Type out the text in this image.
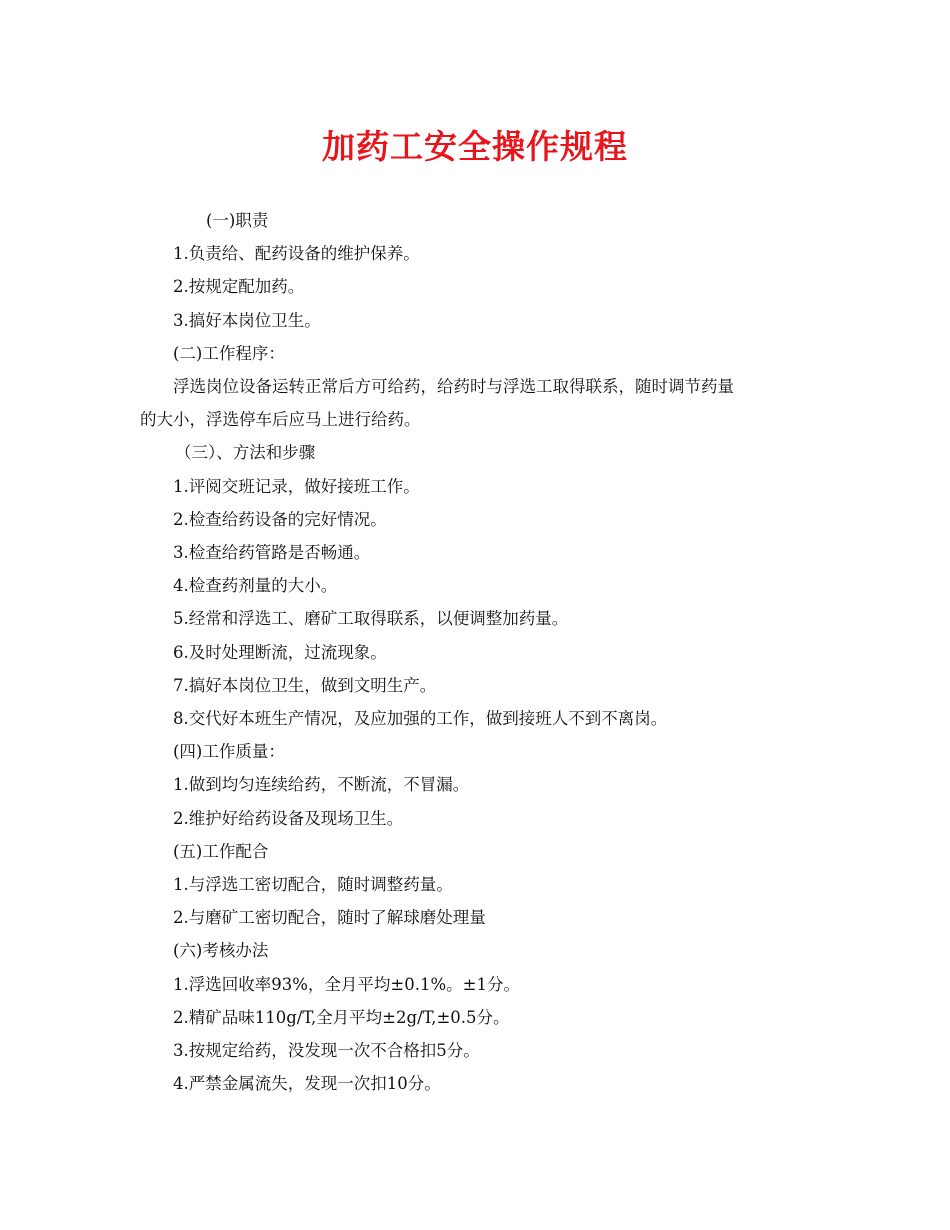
加药工安全操作规程
(一)职责
1.负责给、配药设备的维护保养。
2.按规定配加药。
3.搞好本岗位卫生。
(二)工作程序：
浮选岗位设备运转正常后方可给药，给药时与浮选工取得联系，随时调节药量
的大小，浮选停车后应马上进行给药。
（三）、方法和步骤
1.评阅交班记录，做好接班工作。
2.检查给药设备的完好情况。
3.检查给药管路是否畅通。
4.检查药剂量的大小。
5.经常和浮选工、磨矿工取得联系，以便调整加药量。
6.及时处理断流，过流现象。
7.搞好本岗位卫生，做到文明生产。
8.交代好本班生产情况，及应加强的工作，做到接班人不到不离岗。
(四)工作质量：
1.做到均匀连续给药，不断流，不冒漏。
2.维护好给药设备及现场卫生。
(五)工作配合
1.与浮选工密切配合，随时调整药量。
2.与磨矿工密切配合，随时了解球磨处理量
(六)考核办法
1.浮选回收率93%，全月平均±0.1%。±1分。
2.精矿品味110g/T,全月平均±2g/T,±0.5分。
3.按规定给药，没发现一次不合格扣5分。
4.严禁金属流失，发现一次扣10分。
